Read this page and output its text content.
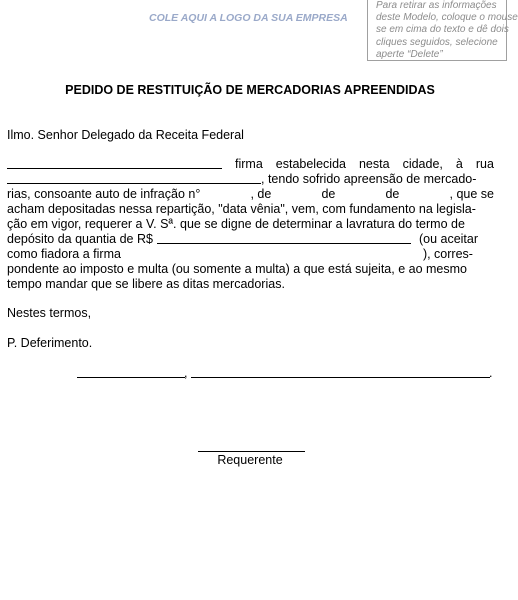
COLE AQUI A LOGO DA SUA EMPRESA
Para retirar as informações
deste Modelo, coloque o mouse
se em cima do texto e dê dois
cliques seguidos, selecione
aperte “Delete”
PEDIDO DE RESTITUIÇÃO DE MERCADORIAS APREENDIDAS
Ilmo. Senhor Delegado da Receita Federal
firma estabelecida nesta cidade, à rua
, tendo sofrido apreensão de mercado-
rias, consoante auto de infração n°	, de	de	de	, que se
acham depositadas nessa repartição, "data vênia", vem, com fundamento na legisla-
ção em vigor, requerer a V. Sª. que se digne de determinar a lavratura do termo de
depósito da quantia de R$	(ou aceitar
como fiadora a firma	), corres-
pondente ao imposto e multa (ou somente a multa) a que está sujeita, e ao mesmo
tempo mandar que se libere as ditas mercadorias.
Nestes termos,
P. Deferimento.
,	.
Requerente
